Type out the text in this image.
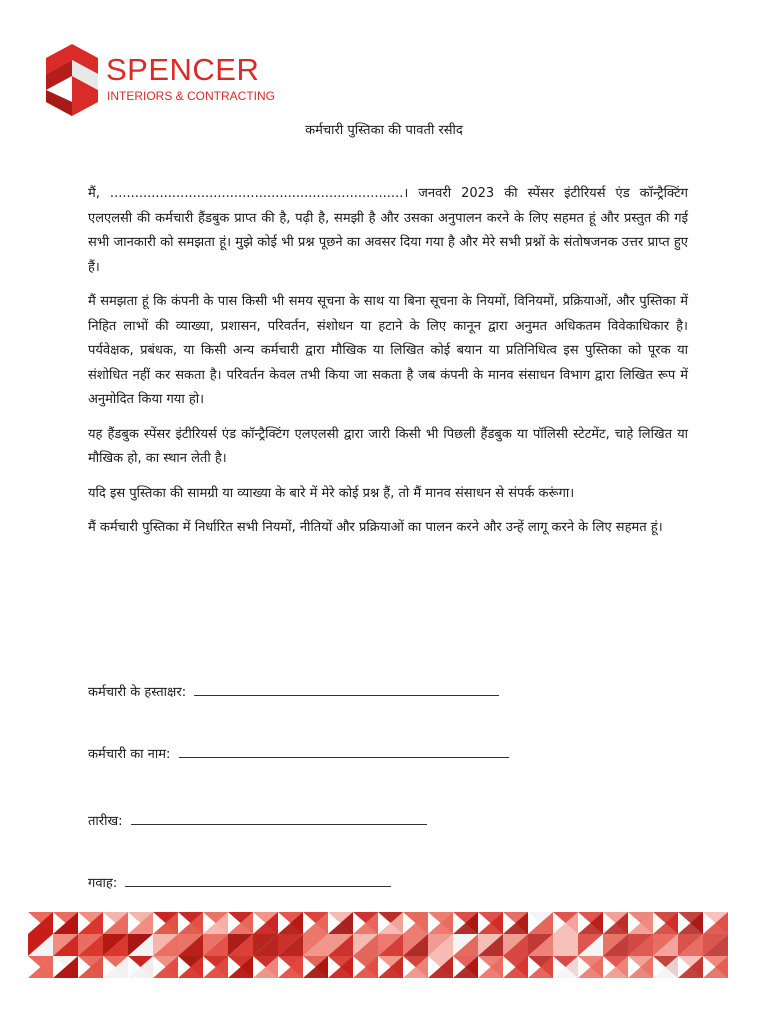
SPENCER
INTERIORS & CONTRACTING
कर्मचारी पुस्तिका की पावती रसीद

मैं, .......................................................................। जनवरी 2023 की स्पेंसर इंटीरियर्स एंड कॉन्ट्रैक्टिंग एलएलसी की कर्मचारी हैंडबुक प्राप्त की है, पढ़ी है, समझी है और उसका अनुपालन करने के लिए सहमत हूं और प्रस्तुत की गई सभी जानकारी को समझता हूं। मुझे कोई भी प्रश्न पूछने का अवसर दिया गया है और मेरे सभी प्रश्नों के संतोषजनक उत्तर प्राप्त हुए हैं।

मैं समझता हूं कि कंपनी के पास किसी भी समय सूचना के साथ या बिना सूचना के नियमों, विनियमों, प्रक्रियाओं, और पुस्तिका में निहित लाभों की व्याख्या, प्रशासन, परिवर्तन, संशोधन या हटाने के लिए कानून द्वारा अनुमत अधिकतम विवेकाधिकार है। पर्यवेक्षक, प्रबंधक, या किसी अन्य कर्मचारी द्वारा मौखिक या लिखित कोई बयान या प्रतिनिधित्व इस पुस्तिका को पूरक या संशोधित नहीं कर सकता है। परिवर्तन केवल तभी किया जा सकता है जब कंपनी के मानव संसाधन विभाग द्वारा लिखित रूप में अनुमोदित किया गया हो।

यह हैंडबुक स्पेंसर इंटीरियर्स एंड कॉन्ट्रैक्टिंग एलएलसी द्वारा जारी किसी भी पिछली हैंडबुक या पॉलिसी स्टेटमेंट, चाहे लिखित या मौखिक हो, का स्थान लेती है।

यदि इस पुस्तिका की सामग्री या व्याख्या के बारे में मेरे कोई प्रश्न हैं, तो मैं मानव संसाधन से संपर्क करूंगा।

मैं कर्मचारी पुस्तिका में निर्धारित सभी नियमों, नीतियों और प्रक्रियाओं का पालन करने और उन्हें लागू करने के लिए सहमत हूं।

कर्मचारी के हस्ताक्षर:
कर्मचारी का नाम:
तारीख:
गवाह:
